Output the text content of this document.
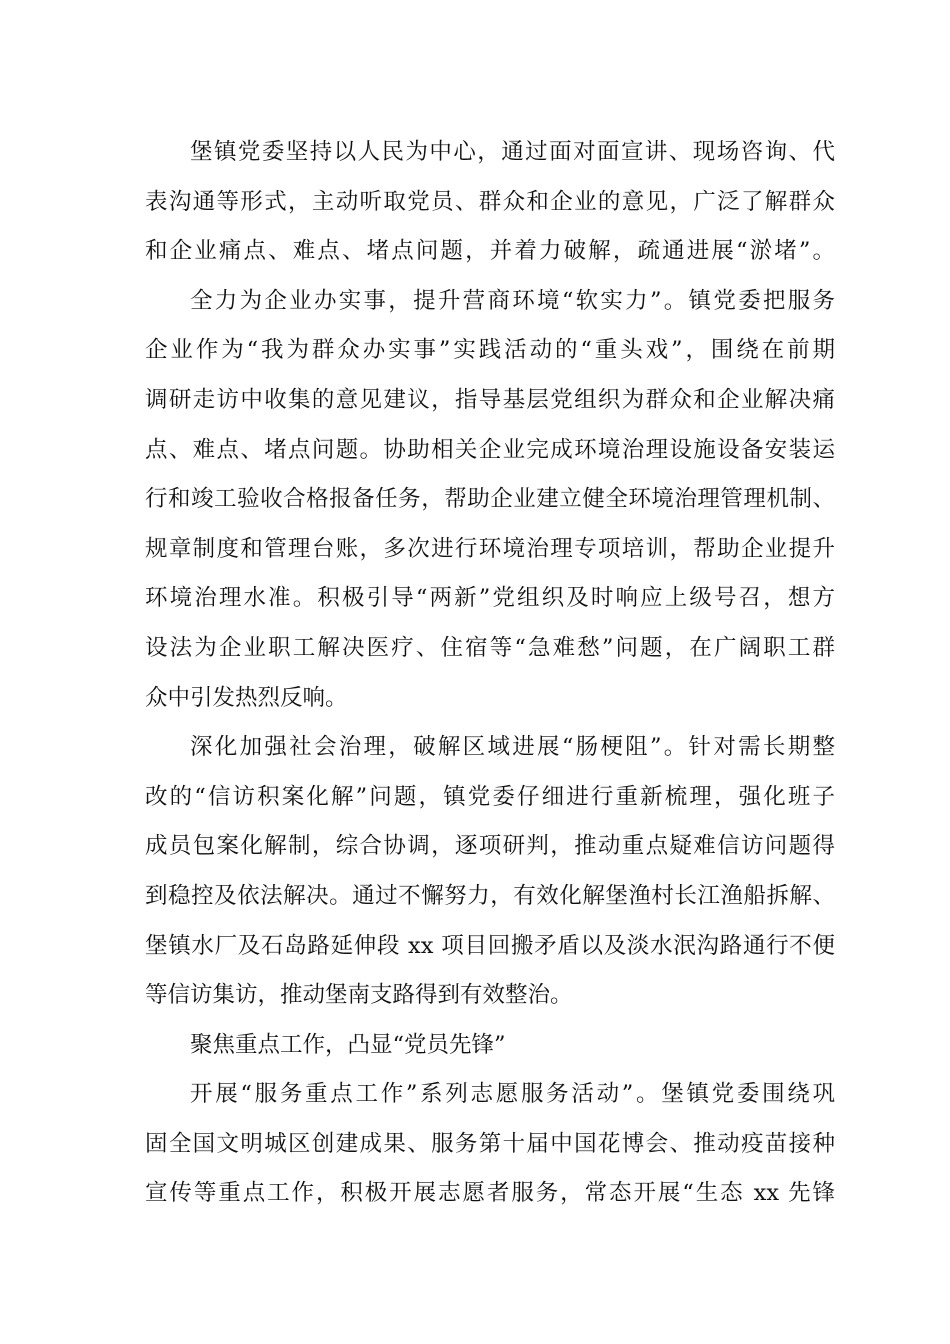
堡镇党委坚持以人民为中心，通过面对面宣讲、现场咨询、代
表沟通等形式，主动听取党员、群众和企业的意见，广泛了解群众
和企业痛点、难点、堵点问题，并着力破解，疏通进展“淤堵”。
全力为企业办实事，提升营商环境“软实力”。镇党委把服务
企业作为“我为群众办实事”实践活动的“重头戏”，围绕在前期
调研走访中收集的意见建议，指导基层党组织为群众和企业解决痛
点、难点、堵点问题。协助相关企业完成环境治理设施设备安装运
行和竣工验收合格报备任务，帮助企业建立健全环境治理管理机制、
规章制度和管理台账，多次进行环境治理专项培训，帮助企业提升
环境治理水准。积极引导“两新”党组织及时响应上级号召，想方
设法为企业职工解决医疗、住宿等“急难愁”问题，在广阔职工群
众中引发热烈反响。
深化加强社会治理，破解区域进展“肠梗阻”。针对需长期整
改的“信访积案化解”问题，镇党委仔细进行重新梳理，强化班子
成员包案化解制，综合协调，逐项研判，推动重点疑难信访问题得
到稳控及依法解决。通过不懈努力，有效化解堡渔村长江渔船拆解、
堡镇水厂及石岛路延伸段 xx 项目回搬矛盾以及淡水泯沟路通行不便
等信访集访，推动堡南支路得到有效整治。
聚焦重点工作，凸显“党员先锋”
开展“服务重点工作”系列志愿服务活动”。堡镇党委围绕巩
固全国文明城区创建成果、服务第十届中国花博会、推动疫苗接种
宣传等重点工作，积极开展志愿者服务，常态开展“生态 xx 先锋
